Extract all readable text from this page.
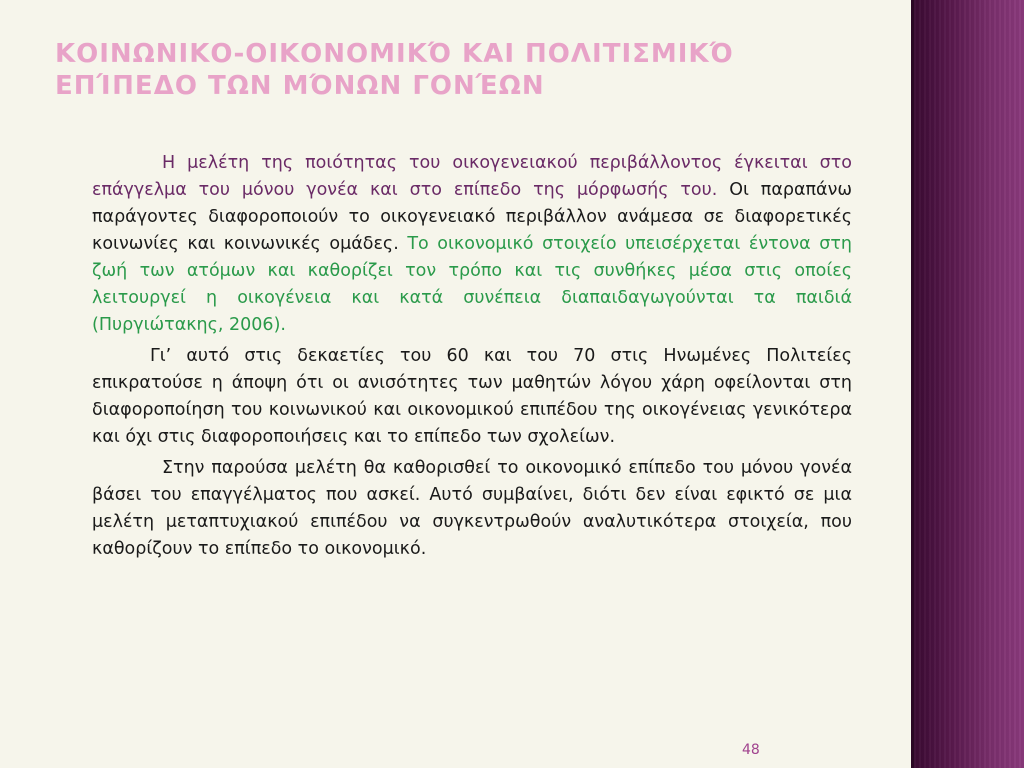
ΚΟΙΝΩΝΙΚΟ-ΟΙΚΟΝΟΜΙΚΌ ΚΑΙ ΠΟΛΙΤΙΣΜΙΚΌ ΕΠΊΠΕΔΟ ΤΩΝ ΜΌΝΩΝ ΓΟΝΈΩΝ

Η μελέτη της ποιότητας του οικογενειακού περιβάλλοντος έγκειται στο επάγγελμα του μόνου γονέα και στο επίπεδο της μόρφωσής του. Οι παραπάνω παράγοντες διαφοροποιούν το οικογενειακό περιβάλλον ανάμεσα σε διαφορετικές κοινωνίες και κοινωνικές ομάδες. Το οικονομικό στοιχείο υπεισέρχεται έντονα στη ζωή των ατόμων και καθορίζει τον τρόπο και τις συνθήκες μέσα στις οποίες λειτουργεί η οικογένεια και κατά συνέπεια διαπαιδαγωγούνται τα παιδιά (Πυργιώτακης, 2006).

Γι’ αυτό στις δεκαετίες του 60 και του 70 στις Ηνωμένες Πολιτείες επικρατούσε η άποψη ότι οι ανισότητες των μαθητών λόγου χάρη οφείλονται στη διαφοροποίηση του κοινωνικού και οικονομικού επιπέδου της οικογένειας γενικότερα και όχι στις διαφοροποιήσεις και το επίπεδο των σχολείων.

Στην παρούσα μελέτη θα καθορισθεί το οικονομικό επίπεδο του μόνου γονέα βάσει του επαγγέλματος που ασκεί. Αυτό συμβαίνει, διότι δεν είναι εφικτό σε μια μελέτη μεταπτυχιακού επιπέδου να συγκεντρωθούν αναλυτικότερα στοιχεία, που καθορίζουν το επίπεδο το οικονομικό.

48
